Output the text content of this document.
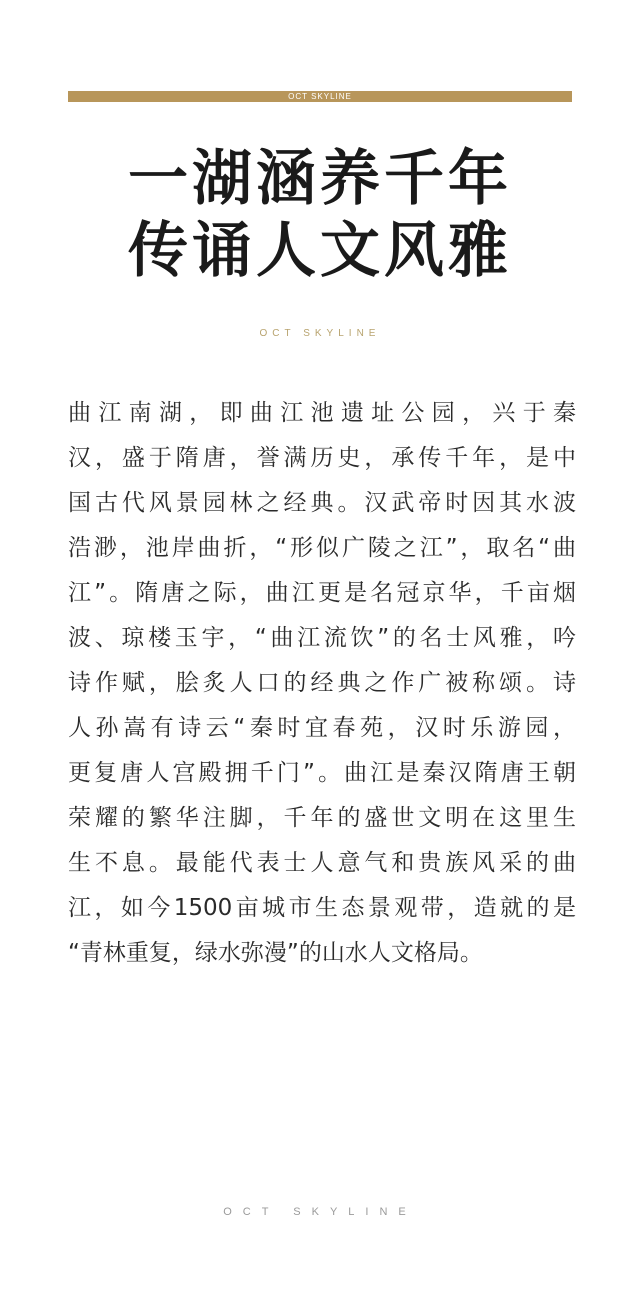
OCT SKYLINE
一湖涵养千年
传诵人文风雅
OCT SKYLINE
曲江南湖，即曲江池遗址公园，兴于秦
汉，盛于隋唐，誉满历史，承传千年，是中
国古代风景园林之经典。汉武帝时因其水波
浩渺，池岸曲折，“形似广陵之江”，取名“曲
江”。隋唐之际，曲江更是名冠京华，千亩烟
波、琼楼玉宇，“曲江流饮”的名士风雅，吟
诗作赋，脍炙人口的经典之作广被称颂。诗
人孙嵩有诗云“秦时宜春苑，汉时乐游园，
更复唐人宫殿拥千门”。曲江是秦汉隋唐王朝
荣耀的繁华注脚，千年的盛世文明在这里生
生不息。最能代表士人意气和贵族风采的曲
江，如今1500亩城市生态景观带，造就的是
“青林重复，绿水弥漫”的山水人文格局。
OCT SKYLINE
